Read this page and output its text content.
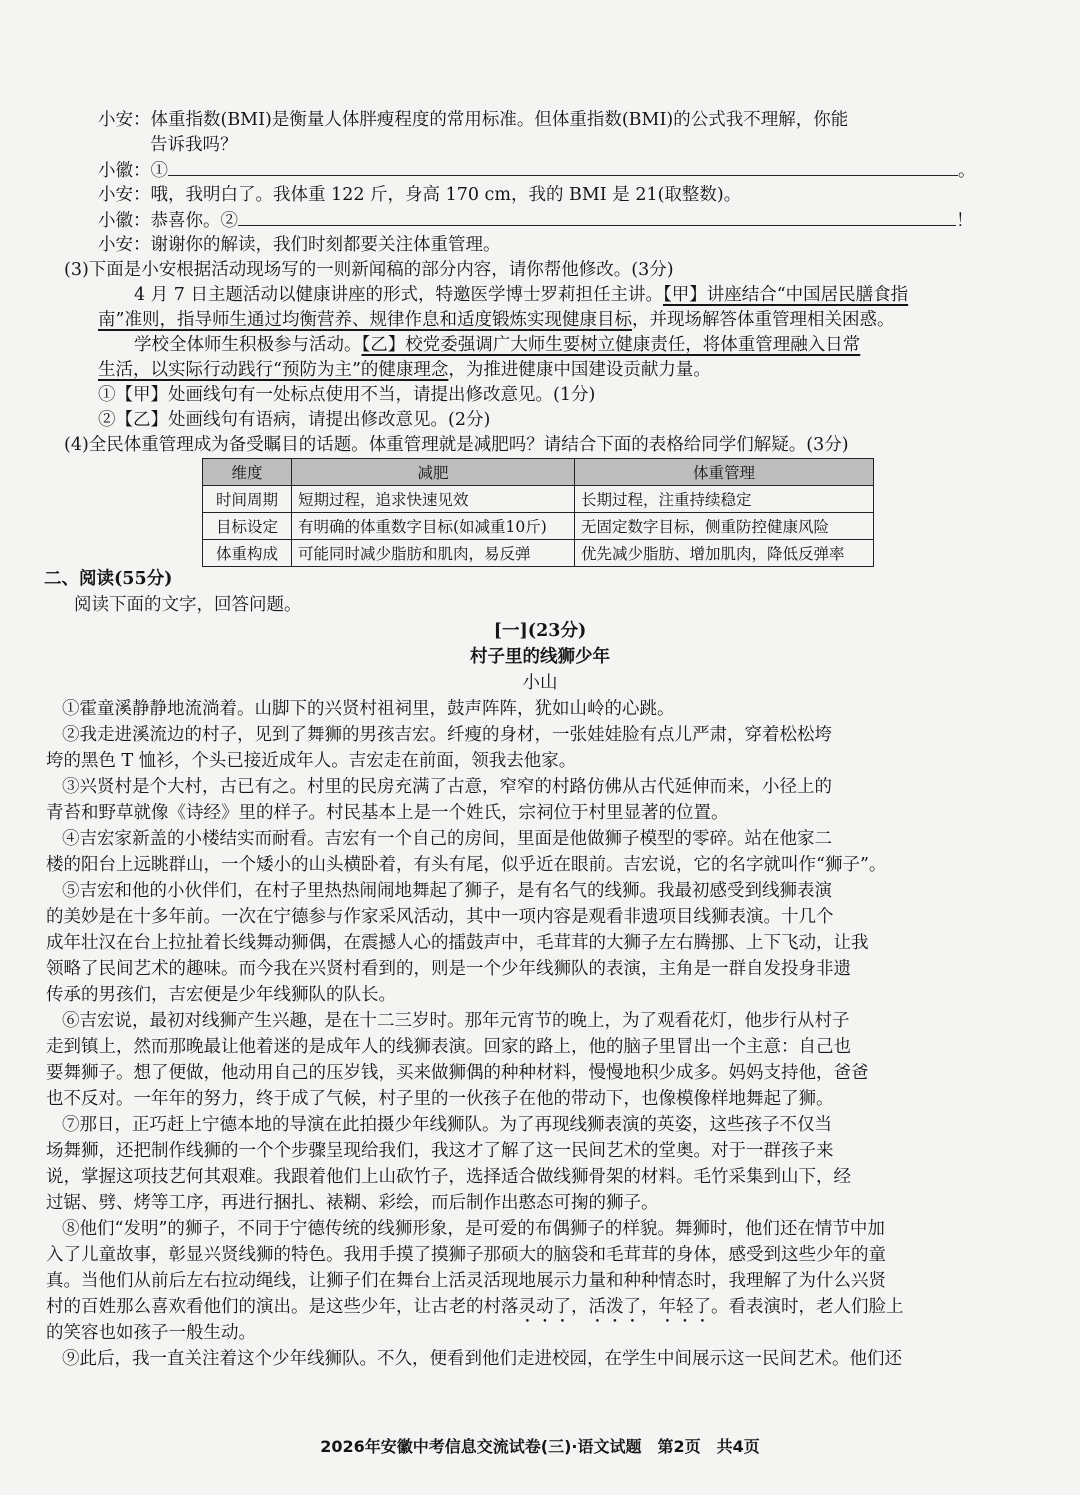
小安：体重指数(BMI)是衡量人体胖瘦程度的常用标准。但体重指数(BMI)的公式我不理解，你能
告诉我吗？
小徽：①	。
小安：哦，我明白了。我体重 122 斤，身高 170 cm，我的 BMI 是 21(取整数)。
小徽：恭喜你。②	！
小安：谢谢你的解读，我们时刻都要关注体重管理。
(3)下面是小安根据活动现场写的一则新闻稿的部分内容，请你帮他修改。(3分)
4 月 7 日主题活动以健康讲座的形式，特邀医学博士罗莉担任主讲。【甲】讲座结合“中国居民膳食指
南”准则，指导师生通过均衡营养、规律作息和适度锻炼实现健康目标，并现场解答体重管理相关困惑。
学校全体师生积极参与活动。【乙】校党委强调广大师生要树立健康责任，将体重管理融入日常
生活，以实际行动践行“预防为主”的健康理念，为推进健康中国建设贡献力量。
①【甲】处画线句有一处标点使用不当，请提出修改意见。(1分)
②【乙】处画线句有语病，请提出修改意见。(2分)
(4)全民体重管理成为备受瞩目的话题。体重管理就是减肥吗？请结合下面的表格给同学们解疑。(3分)
维度	减肥	体重管理
时间周期	短期过程，追求快速见效	长期过程，注重持续稳定
目标设定	有明确的体重数字目标(如减重10斤)	无固定数字目标，侧重防控健康风险
体重构成	可能同时减少脂肪和肌肉，易反弹	优先减少脂肪、增加肌肉，降低反弹率
二、阅读(55分)
阅读下面的文字，回答问题。
[一](23分)
村子里的线狮少年
小山
①霍童溪静静地流淌着。山脚下的兴贤村祖祠里，鼓声阵阵，犹如山岭的心跳。
②我走进溪流边的村子，见到了舞狮的男孩吉宏。纤瘦的身材，一张娃娃脸有点儿严肃，穿着松松垮
垮的黑色 T 恤衫，个头已接近成年人。吉宏走在前面，领我去他家。
③兴贤村是个大村，古已有之。村里的民房充满了古意，窄窄的村路仿佛从古代延伸而来，小径上的
青苔和野草就像《诗经》里的样子。村民基本上是一个姓氏，宗祠位于村里显著的位置。
④吉宏家新盖的小楼结实而耐看。吉宏有一个自己的房间，里面是他做狮子模型的零碎。站在他家二
楼的阳台上远眺群山，一个矮小的山头横卧着，有头有尾，似乎近在眼前。吉宏说，它的名字就叫作“狮子”。
⑤吉宏和他的小伙伴们，在村子里热热闹闹地舞起了狮子，是有名气的线狮。我最初感受到线狮表演
的美妙是在十多年前。一次在宁德参与作家采风活动，其中一项内容是观看非遗项目线狮表演。十几个
成年壮汉在台上拉扯着长线舞动狮偶，在震撼人心的擂鼓声中，毛茸茸的大狮子左右腾挪、上下飞动，让我
领略了民间艺术的趣味。而今我在兴贤村看到的，则是一个少年线狮队的表演，主角是一群自发投身非遗
传承的男孩们，吉宏便是少年线狮队的队长。
⑥吉宏说，最初对线狮产生兴趣，是在十二三岁时。那年元宵节的晚上，为了观看花灯，他步行从村子
走到镇上，然而那晚最让他着迷的是成年人的线狮表演。回家的路上，他的脑子里冒出一个主意：自己也
要舞狮子。想了便做，他动用自己的压岁钱，买来做狮偶的种种材料，慢慢地积少成多。妈妈支持他，爸爸
也不反对。一年年的努力，终于成了气候，村子里的一伙孩子在他的带动下，也像模像样地舞起了狮。
⑦那日，正巧赶上宁德本地的导演在此拍摄少年线狮队。为了再现线狮表演的英姿，这些孩子不仅当
场舞狮，还把制作线狮的一个个步骤呈现给我们，我这才了解了这一民间艺术的堂奥。对于一群孩子来
说，掌握这项技艺何其艰难。我跟着他们上山砍竹子，选择适合做线狮骨架的材料。毛竹采集到山下，经
过锯、劈、烤等工序，再进行捆扎、裱糊、彩绘，而后制作出憨态可掬的狮子。
⑧他们“发明”的狮子，不同于宁德传统的线狮形象，是可爱的布偶狮子的样貌。舞狮时，他们还在情节中加
入了儿童故事，彰显兴贤线狮的特色。我用手摸了摸狮子那硕大的脑袋和毛茸茸的身体，感受到这些少年的童
真。当他们从前后左右拉动绳线，让狮子们在舞台上活灵活现地展示力量和种种情态时，我理解了为什么兴贤
村的百姓那么喜欢看他们的演出。是这些少年，让古老的村落灵动了，活泼了，年轻了。看表演时，老人们脸上
的笑容也如孩子一般生动。
⑨此后，我一直关注着这个少年线狮队。不久，便看到他们走进校园，在学生中间展示这一民间艺术。他们还
2026年安徽中考信息交流试卷(三)·语文试题　第2页　共4页
